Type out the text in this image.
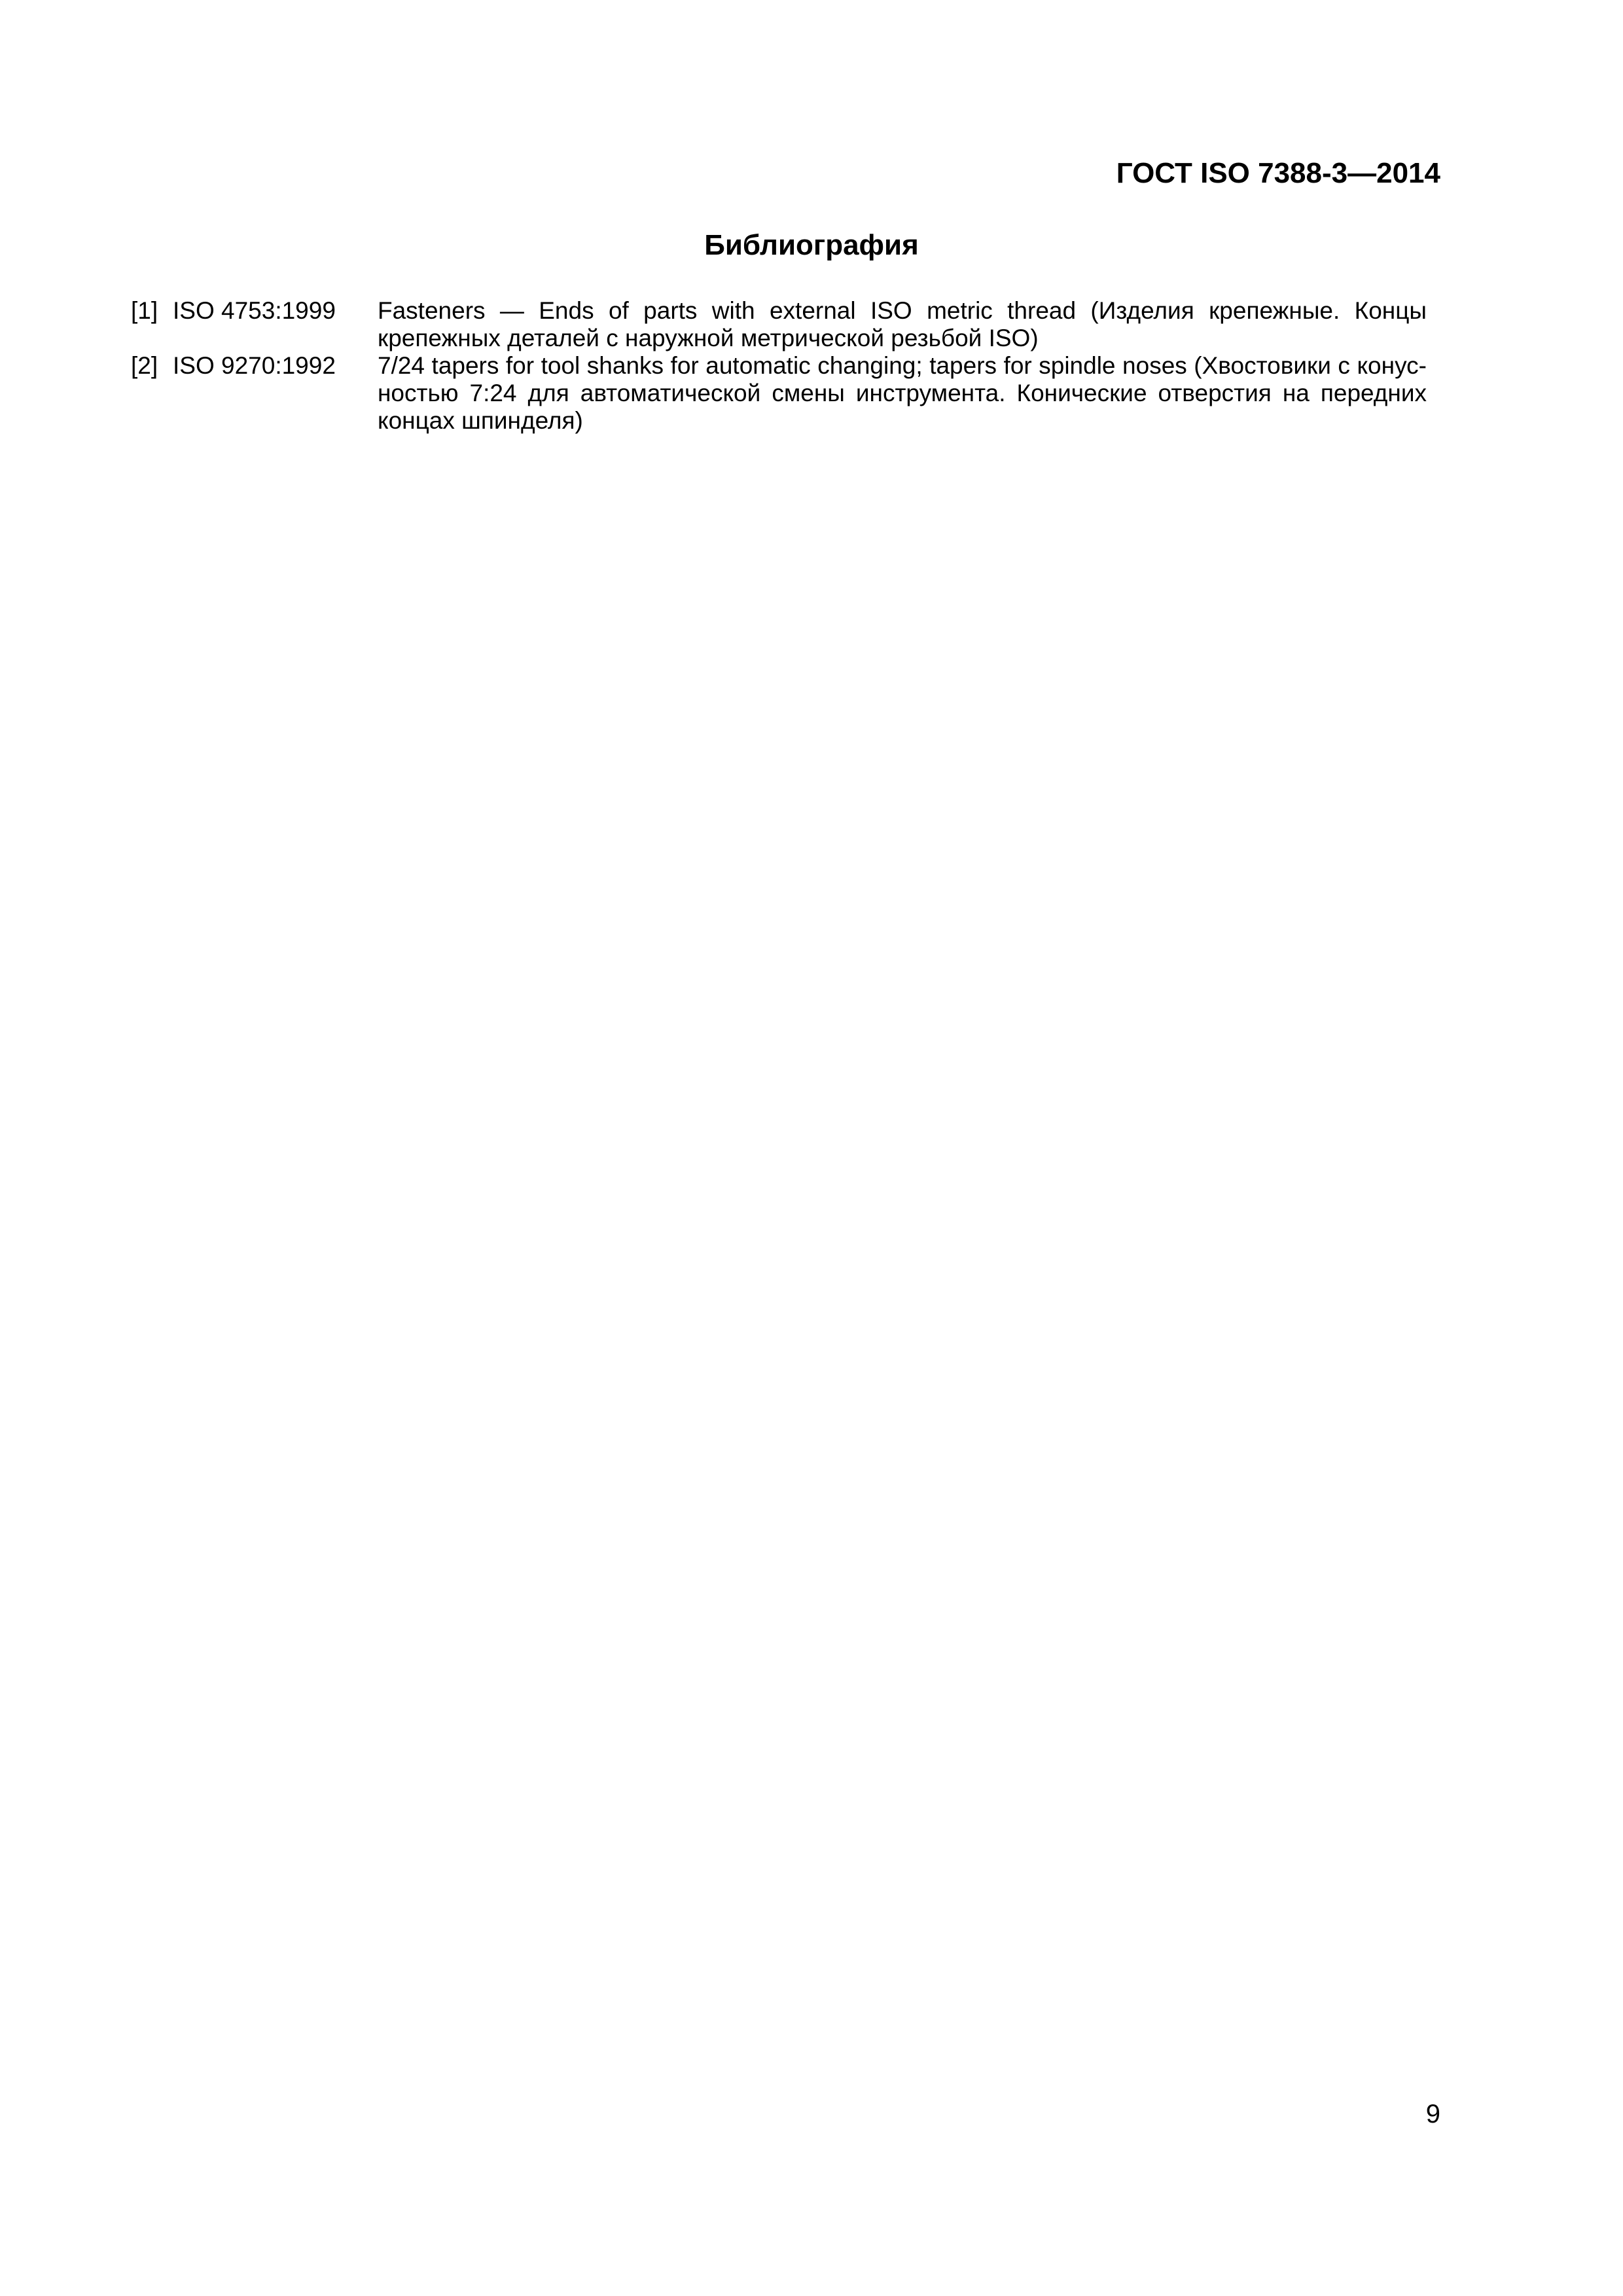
ГОСТ ISO 7388-3—2014
Библиография
[1] ISO 4753:1999	Fasteners — Ends of parts with external ISO metric thread (Изделия крепежные. Концы крепежных деталей с наружной метрической резьбой ISO)
[2] ISO 9270:1992	7/24 tapers for tool shanks for automatic changing; tapers for spindle noses (Хвостовики с конусностью 7:24 для автоматической смены инструмента. Конические отверстия на передних концах шпинделя)
9
